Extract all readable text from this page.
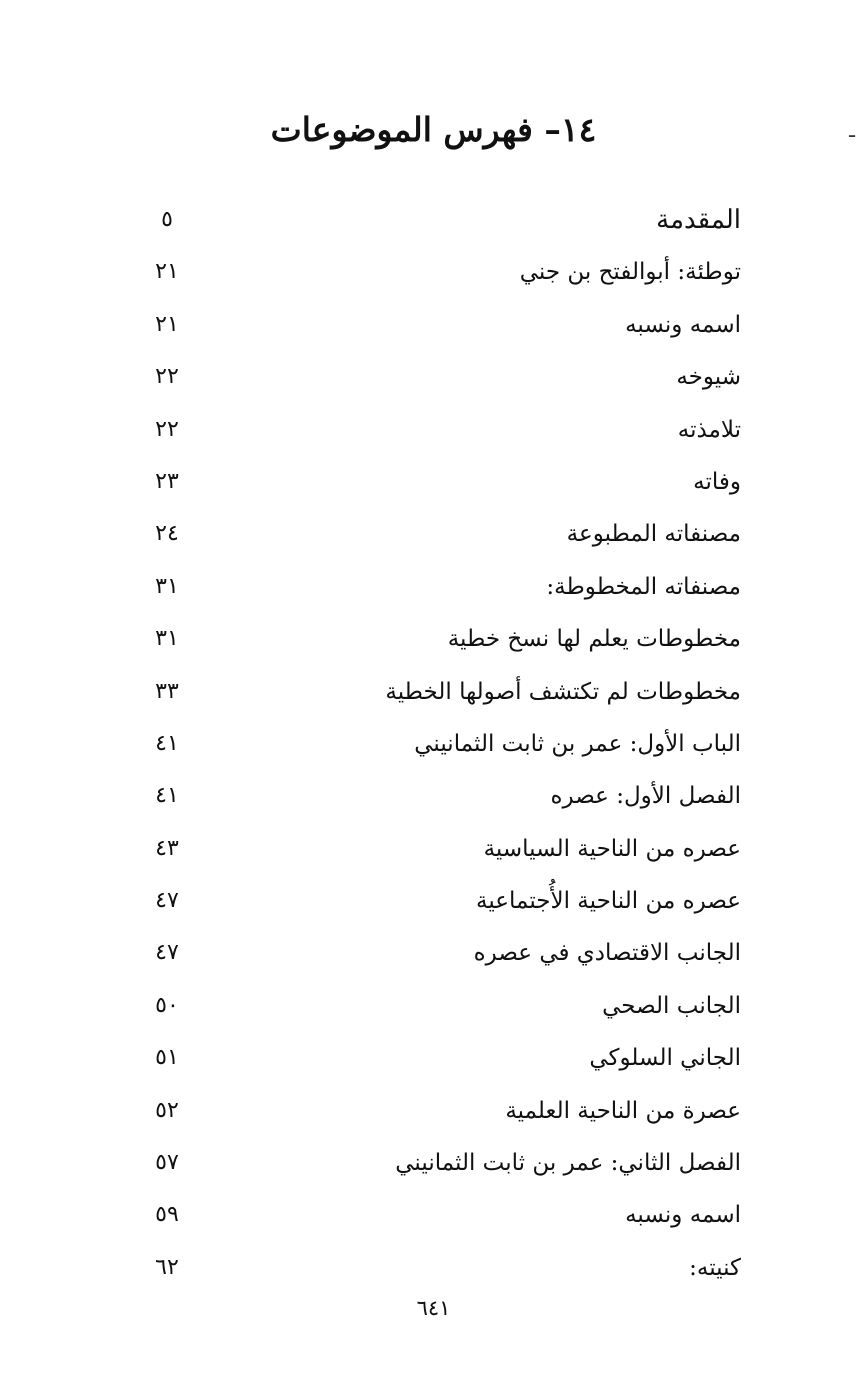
١٤– فهرس الموضوعات	ـ
المقدمة
٥
توطئة: أبوالفتح بن جني
٢١
اسمه ونسبه
٢١
شيوخه
٢٢
تلامذته
٢٢
وفاته
٢٣
مصنفاته المطبوعة
٢٤
مصنفاته المخطوطة:
٣١
مخطوطات يعلم لها نسخ خطية
٣١
مخطوطات لم تكتشف أصولها الخطية
٣٣
الباب الأول: عمر بن ثابت الثمانيني
٤١
الفصل الأول: عصره
٤١
عصره من الناحية السياسية
٤٣
عصره من الناحية الأُجتماعية
٤٧
الجانب الاقتصادي في عصره
٤٧
الجانب الصحي
٥٠
الجاني السلوكي
٥١
عصرة من الناحية العلمية
٥٢
الفصل الثاني: عمر بن ثابت الثمانيني
٥٧
اسمه ونسبه
٥٩
كنيته:
٦٢
٦٤١
